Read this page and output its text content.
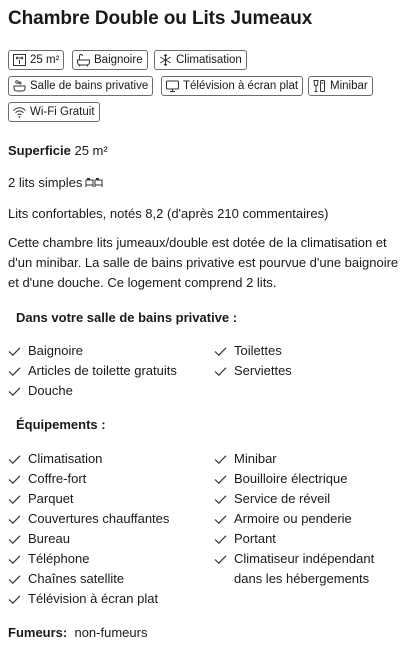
Chambre Double ou Lits Jumeaux
25 m²	Baignoire	Climatisation
Salle de bains privative	Télévision à écran plat	Minibar
Wi-Fi Gratuit
Superficie 25 m²
2 lits simples
Lits confortables, notés 8,2 (d'après 210 commentaires)
Cette chambre lits jumeaux/double est dotée de la climatisation et d'un minibar. La salle de bains privative est pourvue d'une baignoire et d'une douche. Ce logement comprend 2 lits.
Dans votre salle de bains privative :
Baignoire	Toilettes
Articles de toilette gratuits	Serviettes
Douche
Équipements :
Climatisation	Minibar
Coffre-fort	Bouilloire électrique
Parquet	Service de réveil
Couvertures chauffantes	Armoire ou penderie
Bureau	Portant
Téléphone	Climatiseur indépendant
dans les hébergements
Chaînes satellite
Télévision à écran plat
Fumeurs: non-fumeurs
